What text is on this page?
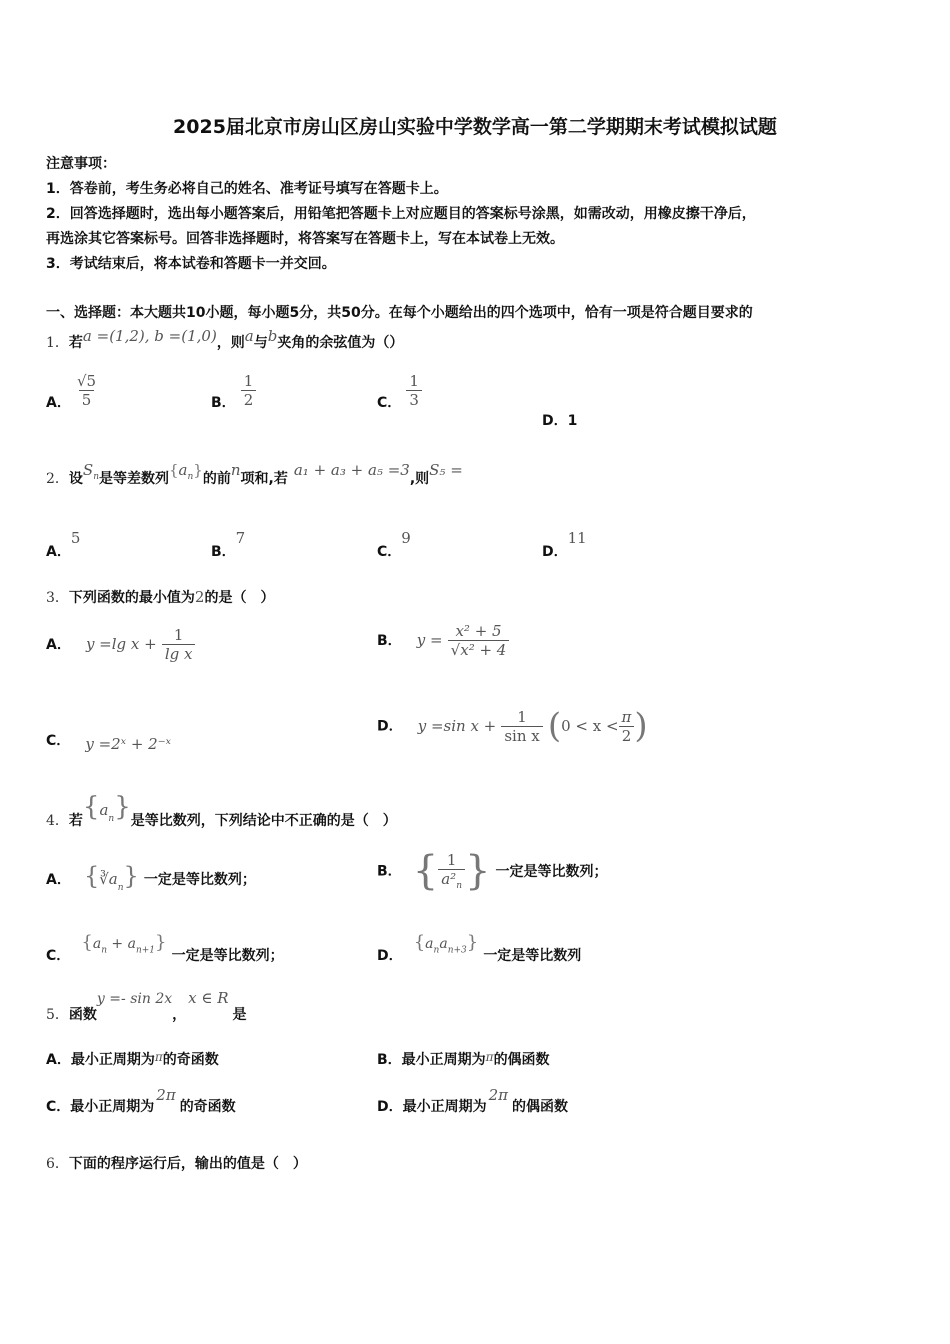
2025届北京市房山区房山实验中学数学高一第二学期期末考试模拟试题
注意事项：
1．答卷前，考生务必将自己的姓名、准考证号填写在答题卡上。
2．回答选择题时，选出每小题答案后，用铅笔把答题卡上对应题目的答案标号涂黑，如需改动，用橡皮擦干净后，
再选涂其它答案标号。回答非选择题时，将答案写在答题卡上，写在本试卷上无效。
3．考试结束后，将本试卷和答题卡一并交回。
一、选择题：本大题共10小题，每小题5分，共50分。在每个小题给出的四个选项中，恰有一项是符合题目要求的
1．若a =(1,2), b =(1,0)，则a与b夹角的余弦值为（）
A． $\frac{√5}{5}$	B． $\frac{1}{2}$	C． $\frac{1}{3}$
D．1
2．设$S_n$是等差数列$\{a_n\}$的前n项和,若 a₁ + a₃ + a₅ =3,则S₅ =
A．5
B．7
C．9
D．11
3．下列函数的最小值为2的是（　）
A． y =lg $x + \frac{1}{\text{lg x}}$	B． $y = \frac{\text{x² + 5}}{\text{√x² + 4}}$
C． y =2ˣ + 2⁻ˣ
D． y =sin $x + \frac{1}{\text{sin x}} (0 < x < \frac{\pi}{2}$ )
4．若$\{a_n\}$是等比数列，下列结论中不正确的是（　）
A． $\{∛a_n\}$ 一定是等比数列；
B． { $\frac{1}{a^2_n}$ } 一定是等比数列；
C． $\{a_n + a_{n+1}\}$ 一定是等比数列；	D． $\{a_na_{n+3}\}$ 一定是等比数列
5．函数y =- sin 2x，x ∈ R是
A．最小正周期为π的奇函数	B．最小正周期为π的偶函数
C．最小正周期为2π的奇函数	D．最小正周期为2π的偶函数
6．下面的程序运行后，输出的值是（　）
